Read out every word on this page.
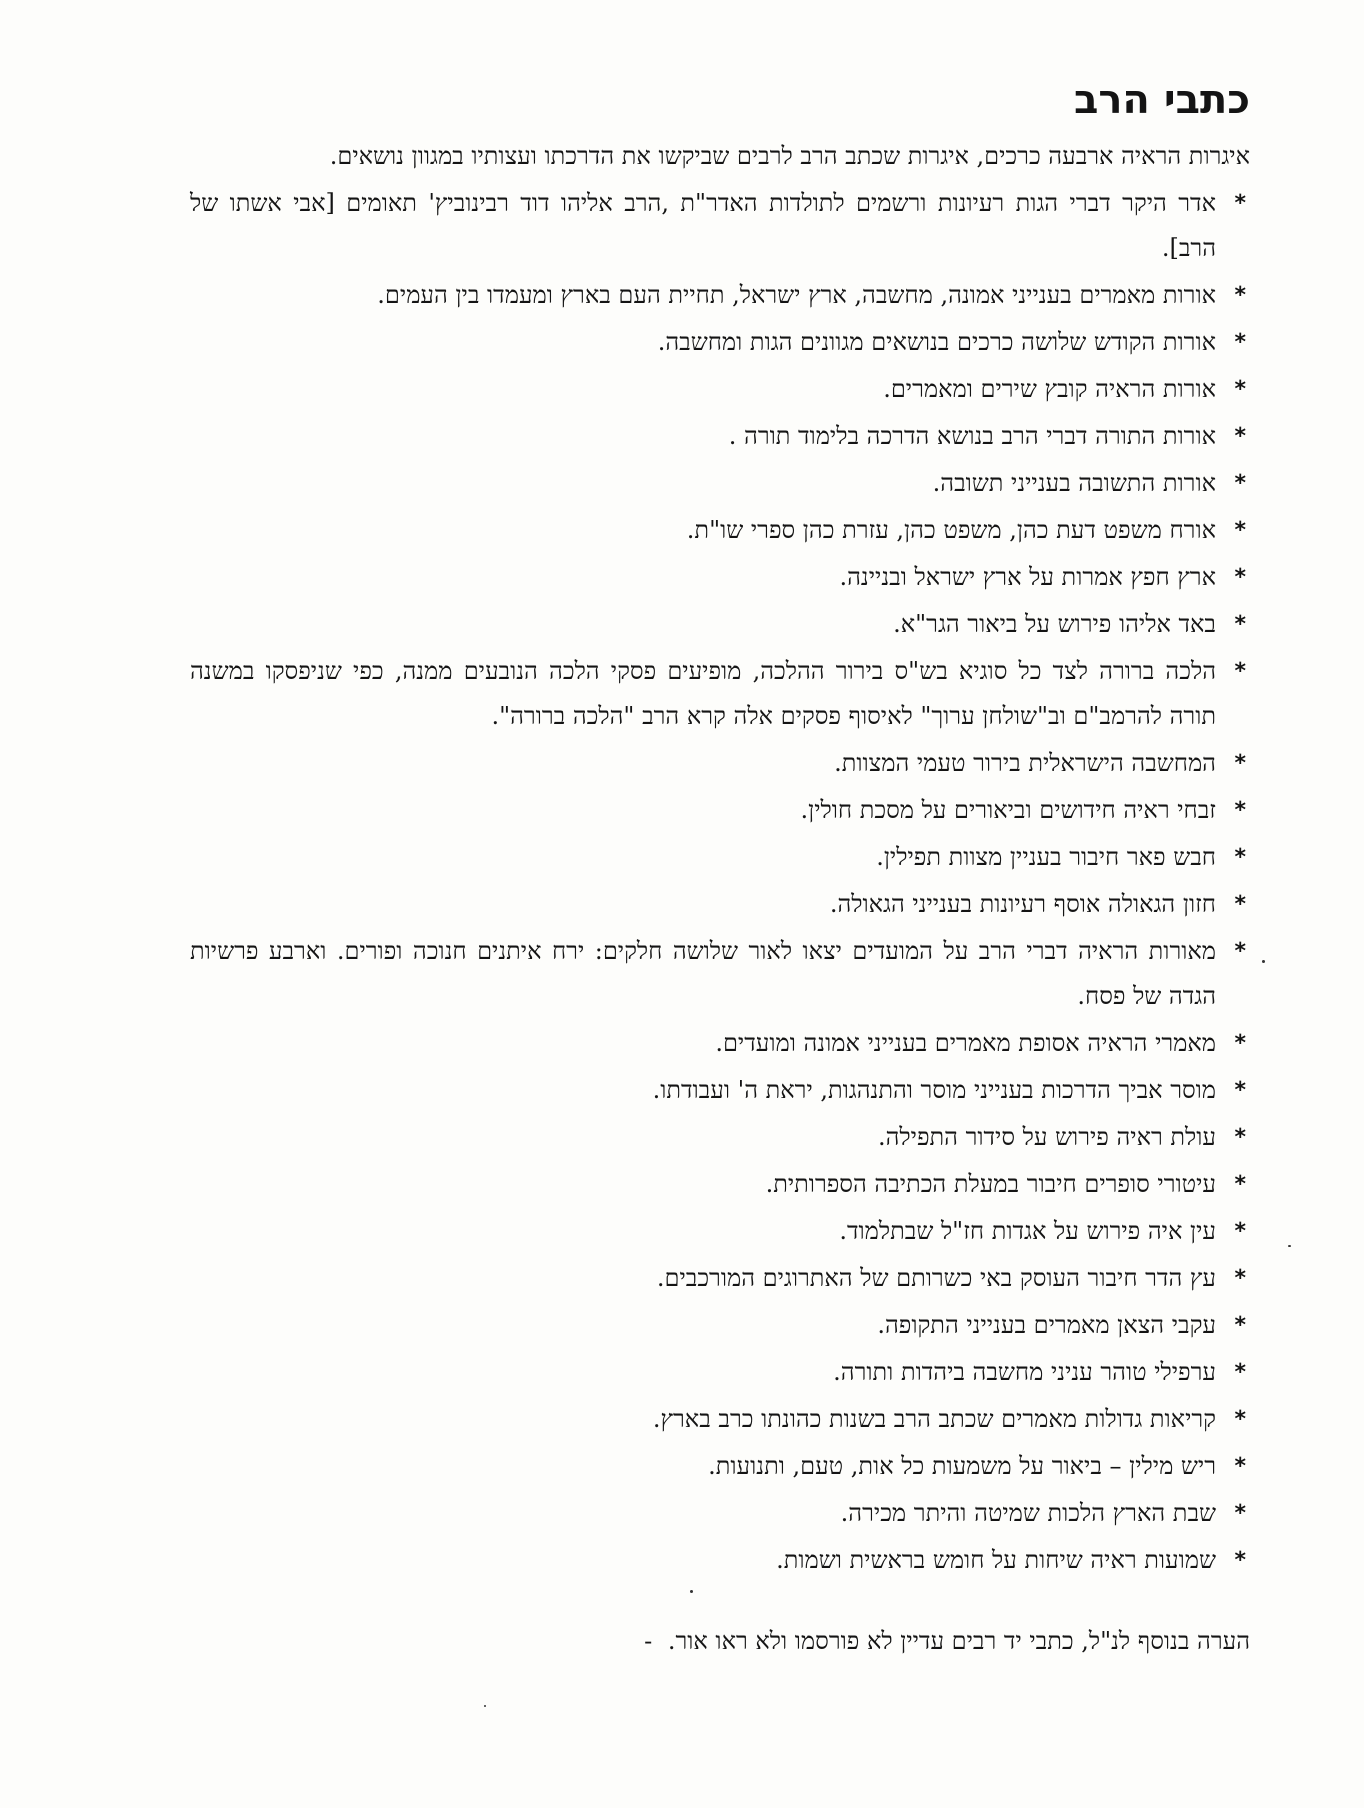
כתבי הרב

איגרות הראיה ארבעה כרכים, איגרות שכתב הרב לרבים שביקשו את הדרכתו ועצותיו במגוון נושאים.

*
אדר היקר דברי הגות רעיונות ורשמים לתולדות האדר"ת ,הרב אליהו דוד רבינוביץ' תאומים [אבי אשתו של הרב].
*
אורות מאמרים בענייני אמונה, מחשבה, ארץ ישראל, תחיית העם בארץ ומעמדו בין העמים.
*
אורות הקודש שלושה כרכים בנושאים מגוונים הגות ומחשבה.
*
אורות הראיה קובץ שירים ומאמרים.
*
אורות התורה דברי הרב בנושא הדרכה בלימוד תורה .
*
אורות התשובה בענייני תשובה.
*
אורח משפט דעת כהן, משפט כהן, עזרת כהן ספרי שו"ת.
*
ארץ חפץ אמרות על ארץ ישראל ובניינה.
*
באד אליהו פירוש על ביאור הגר"א.
*
הלכה ברורה לצד כל סוגיא בש"ס בירור ההלכה, מופיעים פסקי הלכה הנובעים ממנה, כפי שניפסקו במשנה תורה להרמב"ם וב"שולחן ערוך" לאיסוף פסקים אלה קרא הרב "הלכה ברורה".
*
המחשבה הישראלית בירור טעמי המצוות.
*
זבחי ראיה חידושים וביאורים על מסכת חולין.
*
חבש פאר חיבור בעניין מצוות תפילין.
*
חזון הגאולה אוסף רעיונות בענייני הגאולה.
*
מאורות הראיה דברי הרב על המועדים יצאו לאור שלושה חלקים: ירח איתנים חנוכה ופורים. וארבע פרשיות הגדה של פסח.
*
מאמרי הראיה אסופת מאמרים בענייני אמונה ומועדים.
*
מוסר אביך הדרכות בענייני מוסר והתנהגות, יראת ה' ועבודתו.
*
עולת ראיה פירוש על סידור התפילה.
*
עיטורי סופרים חיבור במעלת הכתיבה הספרותית.
*
עין איה פירוש על אגדות חז"ל שבתלמוד.
*
עץ הדר חיבור העוסק באי כשרותם של האתרוגים המורכבים.
*
עקבי הצאן מאמרים בענייני התקופה.
*
ערפילי טוהר עניני מחשבה ביהדות ותורה.
*
קריאות גדולות מאמרים שכתב הרב בשנות כהונתו כרב בארץ.
*
ריש מילין – ביאור על משמעות כל אות, טעם, ותנועות.
*
שבת הארץ הלכות שמיטה והיתר מכירה.
*
שמועות ראיה שיחות על חומש בראשית ושמות.

הערה בנוסף לנ"ל, כתבי יד רבים עדיין לא פורסמו ולא ראו אור. -
